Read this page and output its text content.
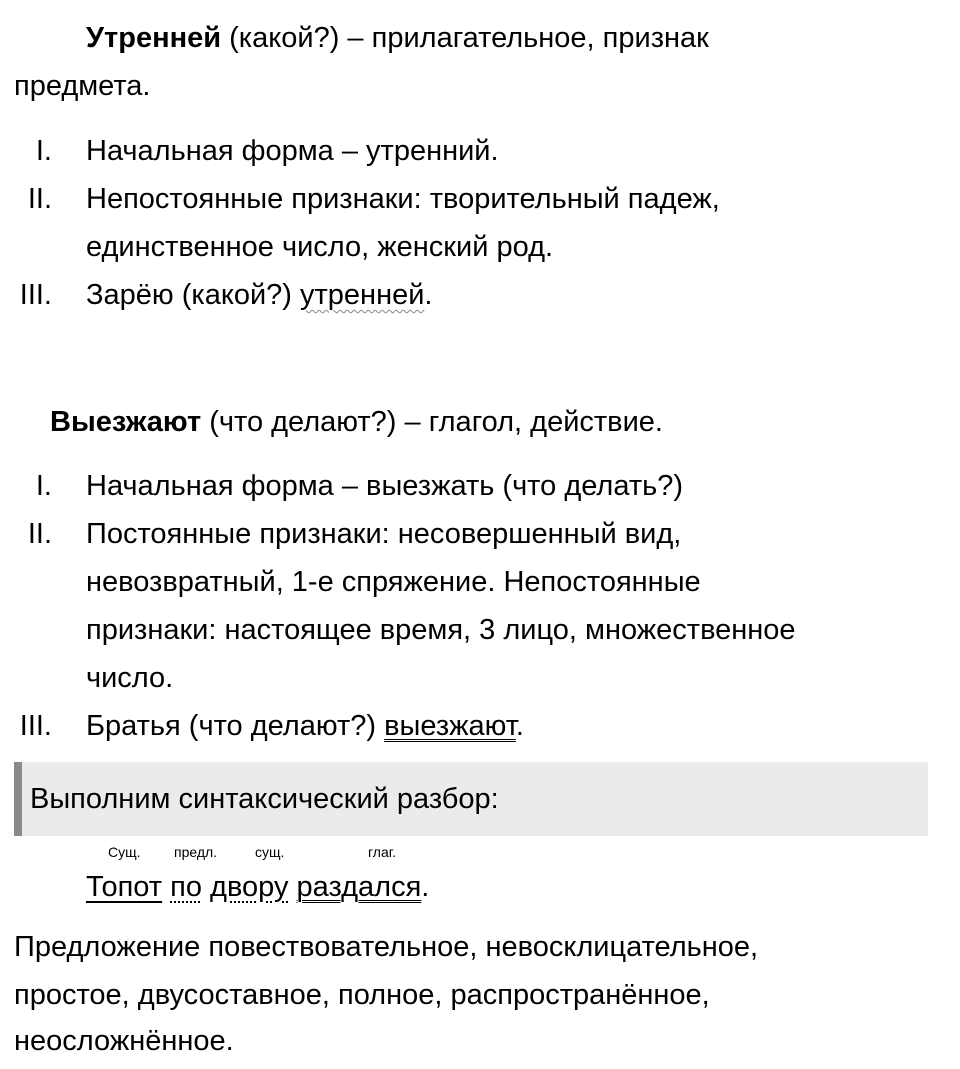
Утренней (какой?) – прилагательное, признак
предмета.
I. Начальная форма – утренний.
II. Непостоянные признаки: творительный падеж,
единственное число, женский род.
III. Зарёю (какой?) утренней.
Выезжают (что делают?) – глагол, действие.
I. Начальная форма – выезжать (что делать?)
II. Постоянные признаки: несовершенный вид,
невозвратный, 1-е спряжение. Непостоянные
признаки: настоящее время, 3 лицо, множественное
число.
III. Братья (что делают?) выезжают.
Выполним синтаксический разбор:
Сущ. предл.	сущ.	глаг.
Топот по двору раздался.
Предложение повествовательное, невосклицательное,
простое, двусоставное, полное, распространённое,
неосложнённое.
